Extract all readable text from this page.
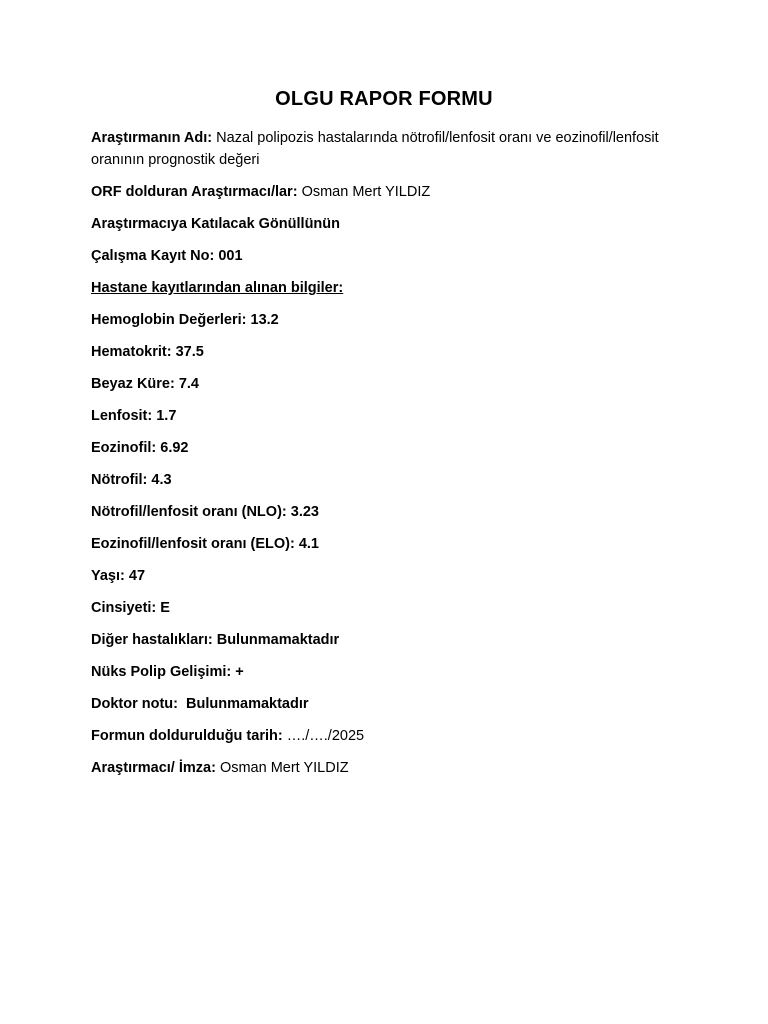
OLGU RAPOR FORMU
Araştırmanın Adı: Nazal polipozis hastalarında nötrofil/lenfosit oranı ve eozinofil/lenfosit oranının prognostik değeri
ORF dolduran Araştırmacı/lar: Osman Mert YILDIZ
Araştırmacıya Katılacak Gönüllünün
Çalışma Kayıt No: 001
Hastane kayıtlarından alınan bilgiler:
Hemoglobin Değerleri: 13.2
Hematokrit: 37.5
Beyaz Küre: 7.4
Lenfosit: 1.7
Eozinofil: 6.92
Nötrofil: 4.3
Nötrofil/lenfosit oranı (NLO): 3.23
Eozinofil/lenfosit oranı (ELO): 4.1
Yaşı: 47
Cinsiyeti: E
Diğer hastalıkları: Bulunmamaktadır
Nüks Polip Gelişimi: +
Doktor notu:  Bulunmamaktadır
Formun doldurulduğu tarih: …./…./2025
Araştırmacı/ İmza: Osman Mert YILDIZ
